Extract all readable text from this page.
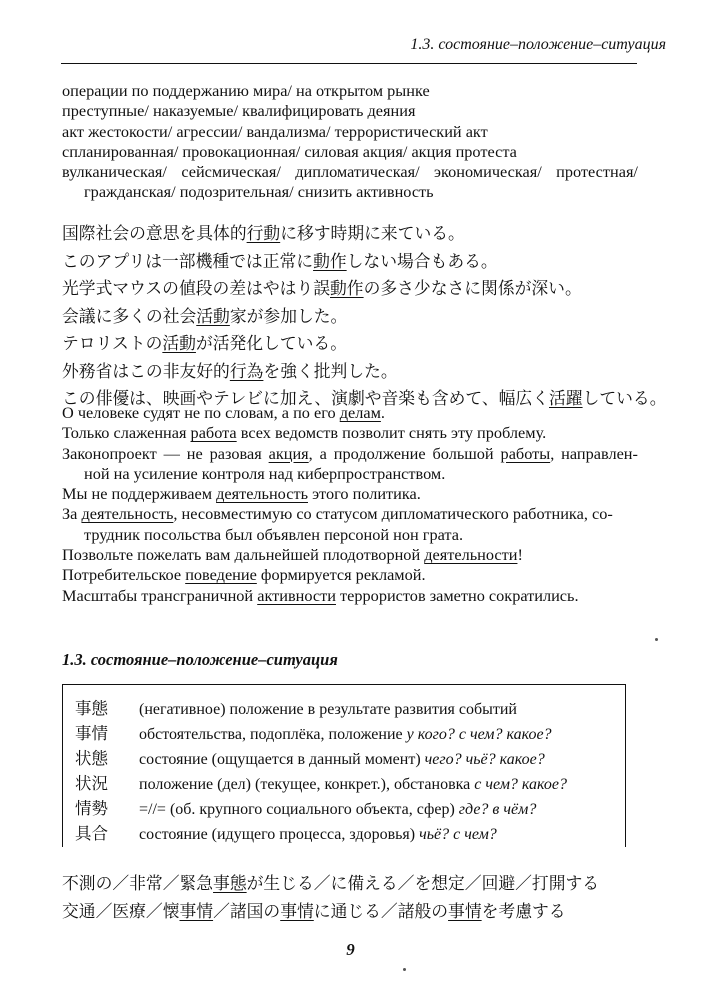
1.3. состояние–положение–ситуация

операции по поддержанию мира/ на открытом рынке

преступные/ наказуемые/ квалифицировать деяния

акт жестокости/ агрессии/ вандализма/ террористический акт

спланированная/ провокационная/ силовая акция/ акция протеста

вулканическая/ сейсмическая/ дипломатическая/ экономическая/ протестная/

гражданская/ подозрительная/ снизить активность

国際社会の意思を具体的行動に移す時期に来ている。

このアプリは一部機種では正常に動作しない場合もある。

光学式マウスの値段の差はやはり誤動作の多さ少なさに関係が深い。

会議に多くの社会活動家が参加した。

テロリストの活動が活発化している。

外務省はこの非友好的行為を強く批判した。

この俳優は、映画やテレビに加え、演劇や音楽も含めて、幅広く活躍している。

О человеке судят не по словам, а по его делам.

Только слаженная работа всех ведомств позволит снять эту проблему.

Законопроект — не разовая акция, а продолжение большой работы, направлен-

ной на усиление контроля над киберпространством.

Мы не поддерживаем деятельность этого политика.

За деятельность, несовместимую со статусом дипломатического работника, со-

трудник посольства был объявлен персоной нон грата.

Позвольте пожелать вам дальнейшей плодотворной деятельности!

Потребительское поведение формируется рекламой.

Масштабы трансграничной активности террористов заметно сократились.

1.3. состояние–положение–ситуация
事態	(негативное) положение в результате развития событий
事情	обстоятельства, подоплёка, положение у кого? с чем? какое?
状態	состояние (ощущается в данный момент) чего? чьё? какое?
状況	положение (дел) (текущее, конкрет.), обстановка с чем? какое?
情勢	=//= (об. крупного социального объекта, сфер) где? в чём?
具合	состояние (идущего процесса, здоровья) чьё? с чем?

不測の／非常／緊急事態が生じる／に備える／を想定／回避／打開する

交通／医療／懐事情／諸国の事情に通じる／諸般の事情を考慮する

9
